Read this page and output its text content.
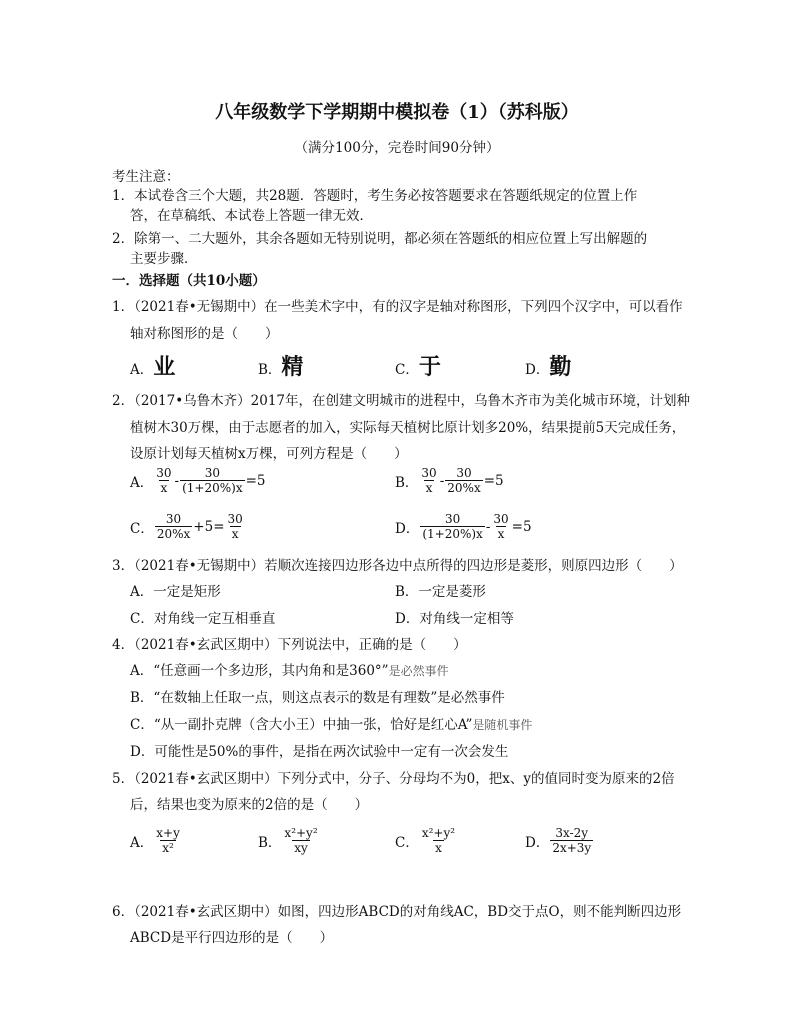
八年级数学下学期期中模拟卷（1）（苏科版）
（满分100分，完卷时间90分钟）
考生注意：
1．本试卷含三个大题，共28题．答题时，考生务必按答题要求在答题纸规定的位置上作
答，在草稿纸、本试卷上答题一律无效．
2．除第一、二大题外，其余各题如无特别说明，都必须在答题纸的相应位置上写出解题的
主要步骤．
一．选择题（共10小题）
1．（2021春•无锡期中）在一些美术字中，有的汉字是轴对称图形，下列四个汉字中，可以看作
轴对称图形的是（　　）
A．业	B．精	C．于	D．勤
2．（2017•乌鲁木齐）2017年，在创建文明城市的进程中，乌鲁木齐市为美化城市环境，计划种
植树木30万棵，由于志愿者的加入，实际每天植树比原计划多20%，结果提前5天完成任务，
设原计划每天植树x万棵，可列方程是（　　）
A． $\frac{30}{x} - \frac{30}{(1+20\%)x} =5$	B． $\frac{30}{x} - \frac{30}{20\%x} =5$
C． $\frac{30}{20\%x} +5= \frac{30}{x}$	D． $\frac{30}{(1+20\%)x} - \frac{30}{x} =5$
3．（2021春•无锡期中）若顺次连接四边形各边中点所得的四边形是菱形，则原四边形（　　）
A．一定是矩形	B．一定是菱形
C．对角线一定互相垂直	D．对角线一定相等
4．（2021春•玄武区期中）下列说法中，正确的是（　　）
A．“任意画一个多边形，其内角和是360°”是必然事件
B．“在数轴上任取一点，则这点表示的数是有理数”是必然事件
C．“从一副扑克牌（含大小王）中抽一张，恰好是红心A”是随机事件
D．可能性是50%的事件，是指在两次试验中一定有一次会发生
5．（2021春•玄武区期中）下列分式中，分子、分母均不为0，把x、y的值同时变为原来的2倍
后，结果也变为原来的2倍的是（　　）
A． $\frac{x+y}{\text{x²}}$	B． $\frac{\text{x²+y²}}{xy}$	C． $\frac{\text{x²+y²}}{x}$	D． $\frac{3x-2y}{2x+3y}$
6．（2021春•玄武区期中）如图，四边形ABCD的对角线AC，BD交于点O，则不能判断四边形
ABCD是平行四边形的是（　　）
